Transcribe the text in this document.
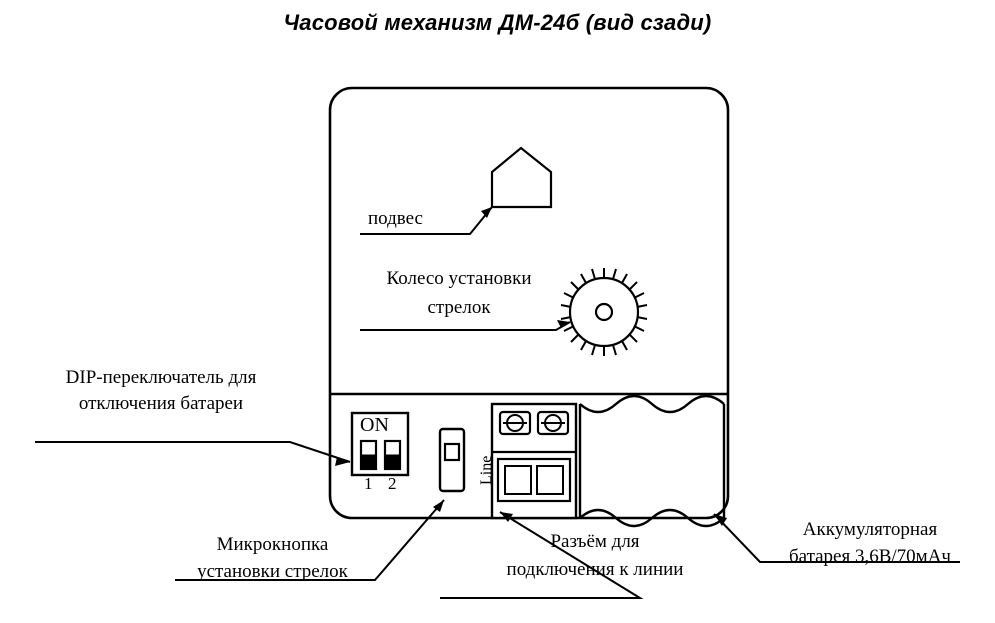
Часовой механизм ДМ-24б (вид сзади)
подвес
Колесо установки
стрелок
DIP-переключатель для
отключения батареи
Микрокнопка
установки стрелок
Разъём для
подключения к линии
Аккумуляторная
батарея 3,6В/70мАч
ON
1 2	Line
